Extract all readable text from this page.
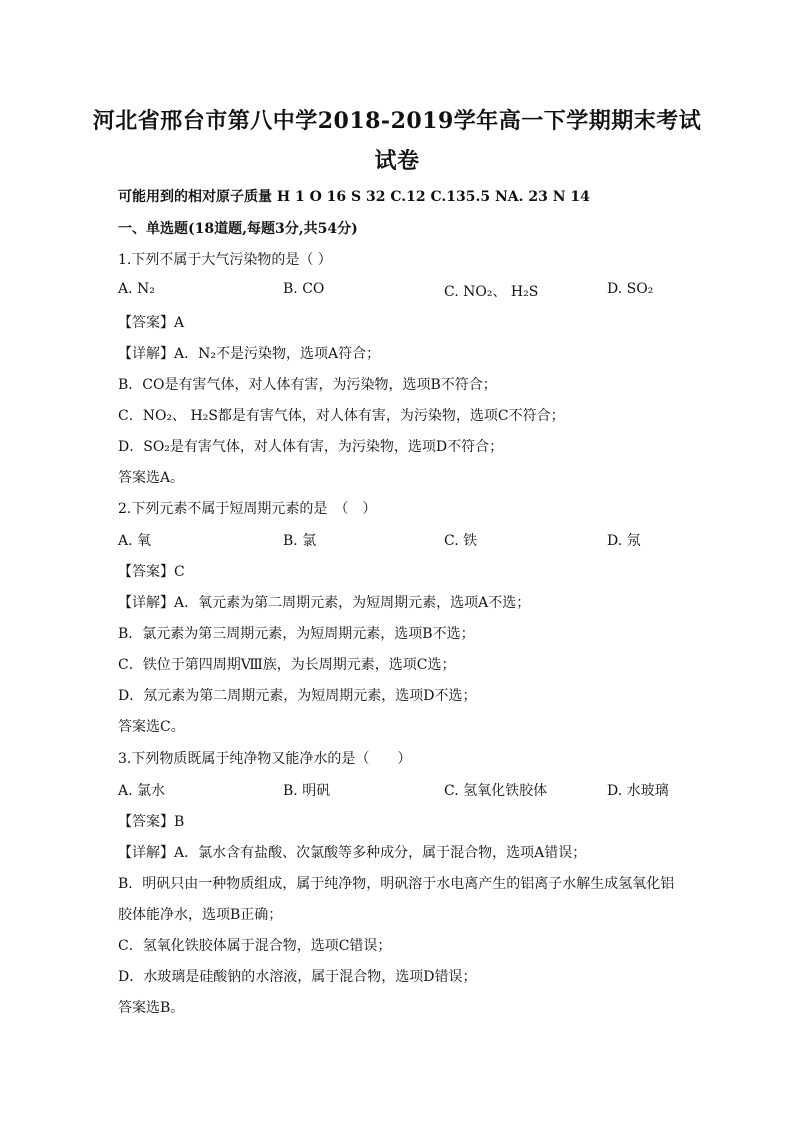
河北省邢台市第八中学2018-2019学年高一下学期期末考试
试卷
可能用到的相对原子质量 H 1 O 16 S 32 C.12 C.135.5 NA. 23 N 14
一、单选题(18道题,每题3分,共54分)
1.下列不属于大气污染物的是（ ）
A. N₂	B. CO	C. NO₂、 H₂S	D. SO₂
【答案】A
【详解】A．N₂不是污染物，选项A符合；
B．CO是有害气体，对人体有害，为污染物，选项B不符合；
C．NO₂、 H₂S都是有害气体，对人体有害，为污染物，选项C不符合；
D．SO₂是有害气体，对人体有害，为污染物，选项D不符合；
答案选A。
2.下列元素不属于短周期元素的是　（　）
A. 氧	B. 氯	C. 铁	D. 氖
【答案】C
【详解】A．氧元素为第二周期元素，为短周期元素，选项A不选；
B．氯元素为第三周期元素，为短周期元素，选项B不选；
C．铁位于第四周期Ⅷ族，为长周期元素，选项C选；
D．氖元素为第二周期元素，为短周期元素，选项D不选；
答案选C。
3.下列物质既属于纯净物又能净水的是（　　）
A. 氯水	B. 明矾	C. 氢氧化铁胶体	D. 水玻璃
【答案】B
【详解】A．氯水含有盐酸、次氯酸等多种成分，属于混合物，选项A错误；
B．明矾只由一种物质组成，属于纯净物，明矾溶于水电离产生的铝离子水解生成氢氧化铝
胶体能净水，选项B正确；
C．氢氧化铁胶体属于混合物，选项C错误；
D．水玻璃是硅酸钠的水溶液，属于混合物，选项D错误；
答案选B。
